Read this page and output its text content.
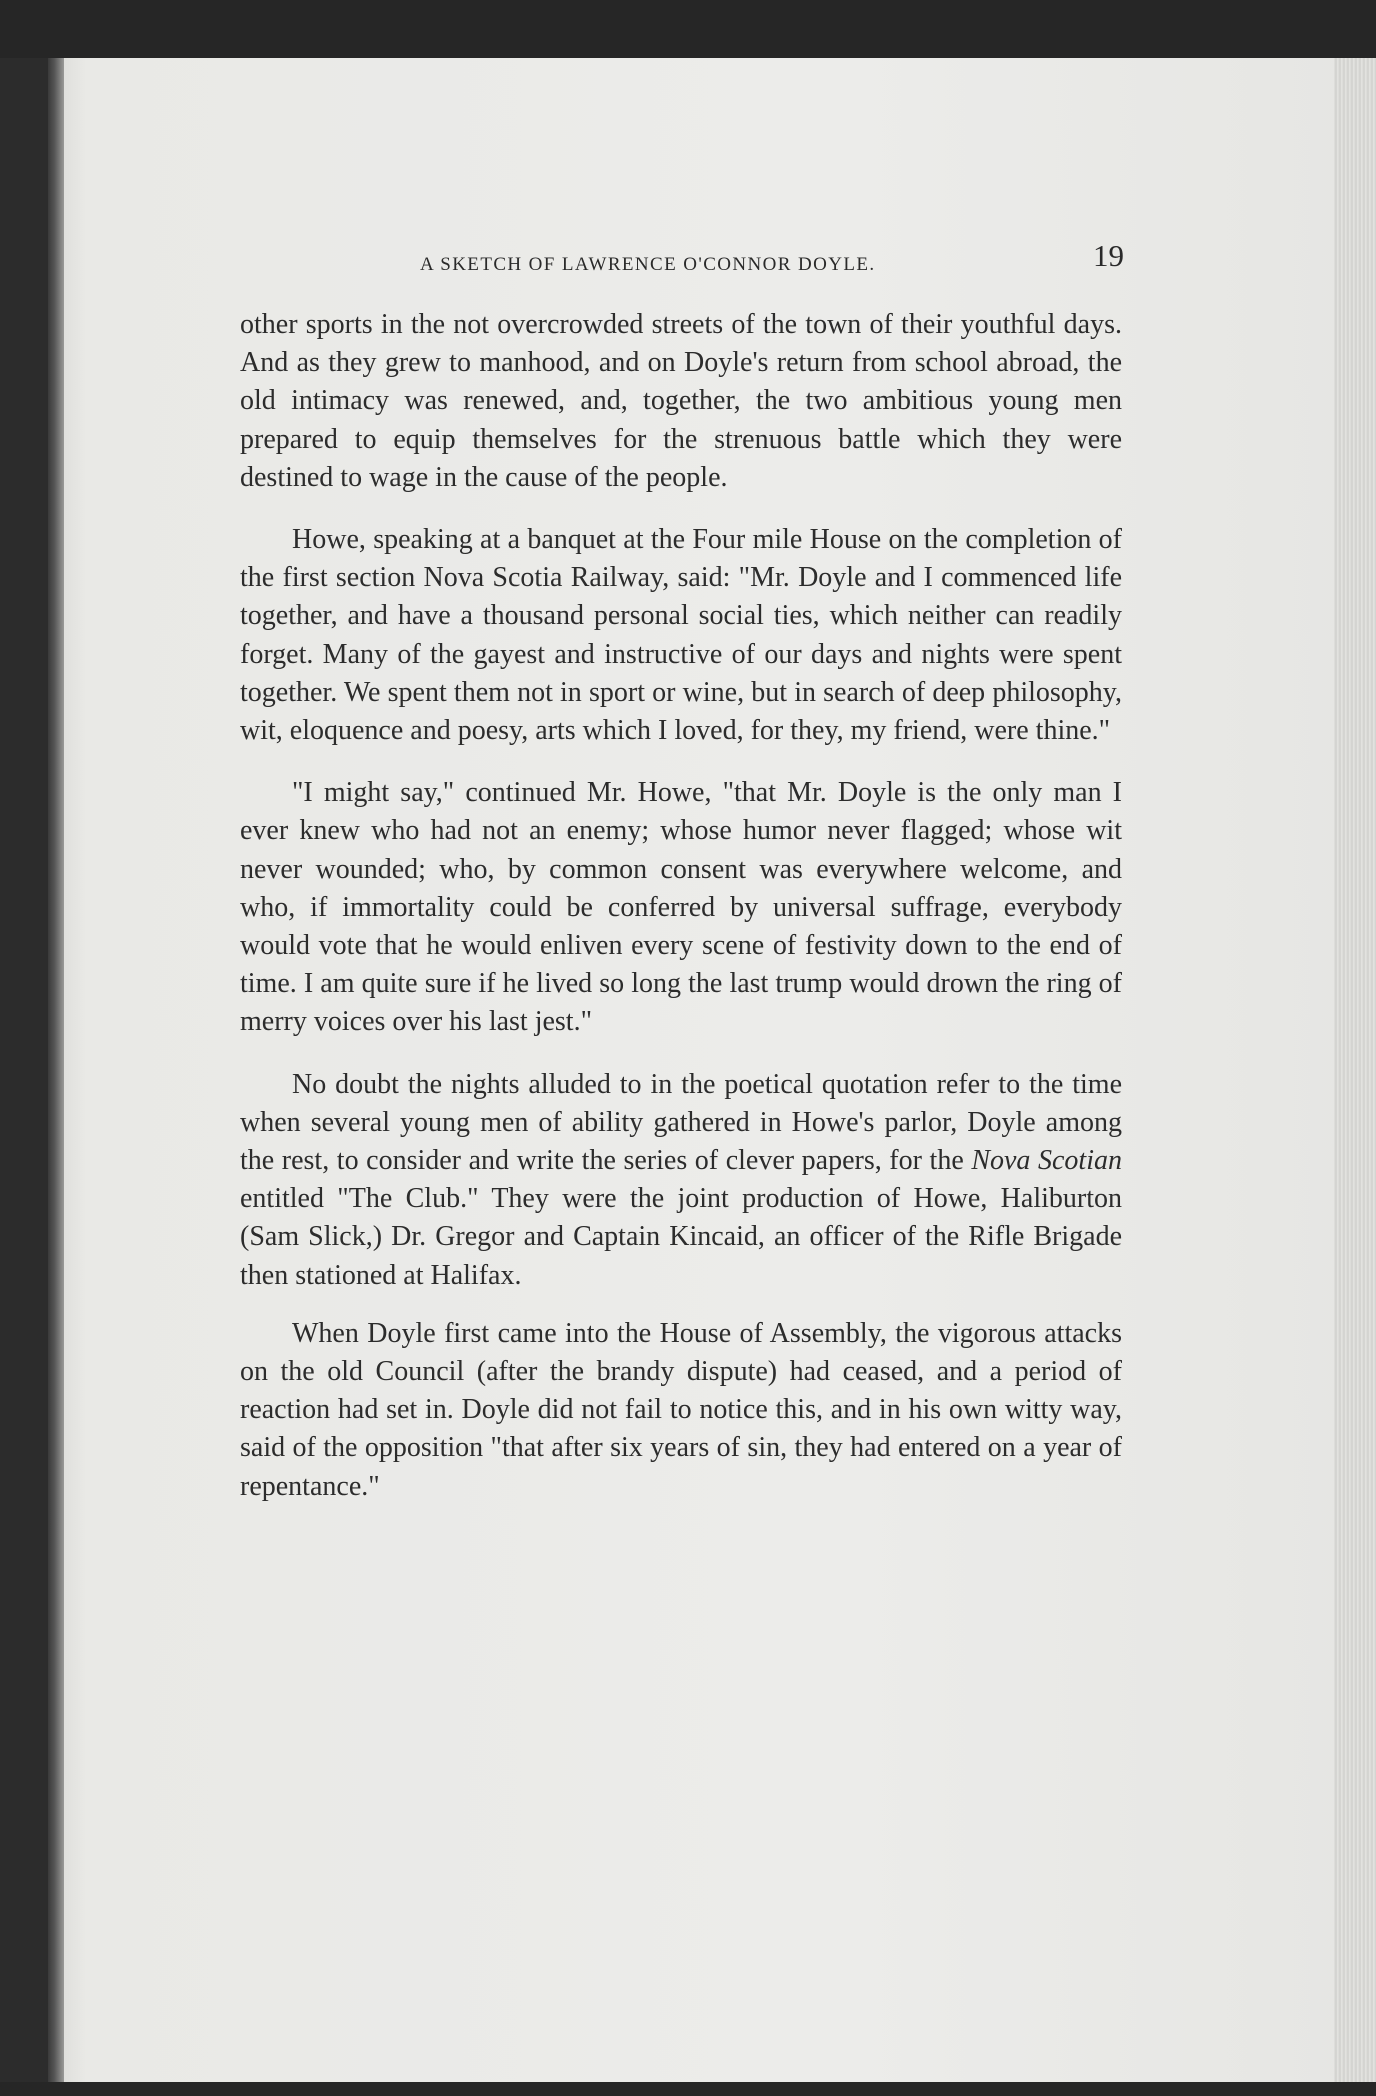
A SKETCH OF LAWRENCE O'CONNOR DOYLE.	19

other sports in the not overcrowded streets of the town of their youthful days. And as they grew to manhood, and on Doyle's return from school abroad, the old intimacy was renewed, and, together, the two ambitious young men prepared to equip themselves for the strenuous battle which they were destined to wage in the cause of the people.

Howe, speaking at a banquet at the Four mile House on the completion of the first section Nova Scotia Railway, said: "Mr. Doyle and I commenced life together, and have a thousand personal social ties, which neither can readily forget. Many of the gayest and instructive of our days and nights were spent together. We spent them not in sport or wine, but in search of deep philosophy, wit, eloquence and poesy, arts which I loved, for they, my friend, were thine."

"I might say," continued Mr. Howe, "that Mr. Doyle is the only man I ever knew who had not an enemy; whose humor never flagged; whose wit never wounded; who, by common consent was everywhere welcome, and who, if immortality could be conferred by universal suffrage, everybody would vote that he would enliven every scene of festivity down to the end of time. I am quite sure if he lived so long the last trump would drown the ring of merry voices over his last jest."

No doubt the nights alluded to in the poetical quotation refer to the time when several young men of ability gathered in Howe's parlor, Doyle among the rest, to consider and write the series of clever papers, for the Nova Scotian entitled "The Club." They were the joint production of Howe, Haliburton (Sam Slick,) Dr. Gregor and Captain Kincaid, an officer of the Rifle Brigade then stationed at Halifax.

When Doyle first came into the House of Assembly, the vigorous attacks on the old Council (after the brandy dispute) had ceased, and a period of reaction had set in. Doyle did not fail to notice this, and in his own witty way, said of the opposition "that after six years of sin, they had entered on a year of repentance."
